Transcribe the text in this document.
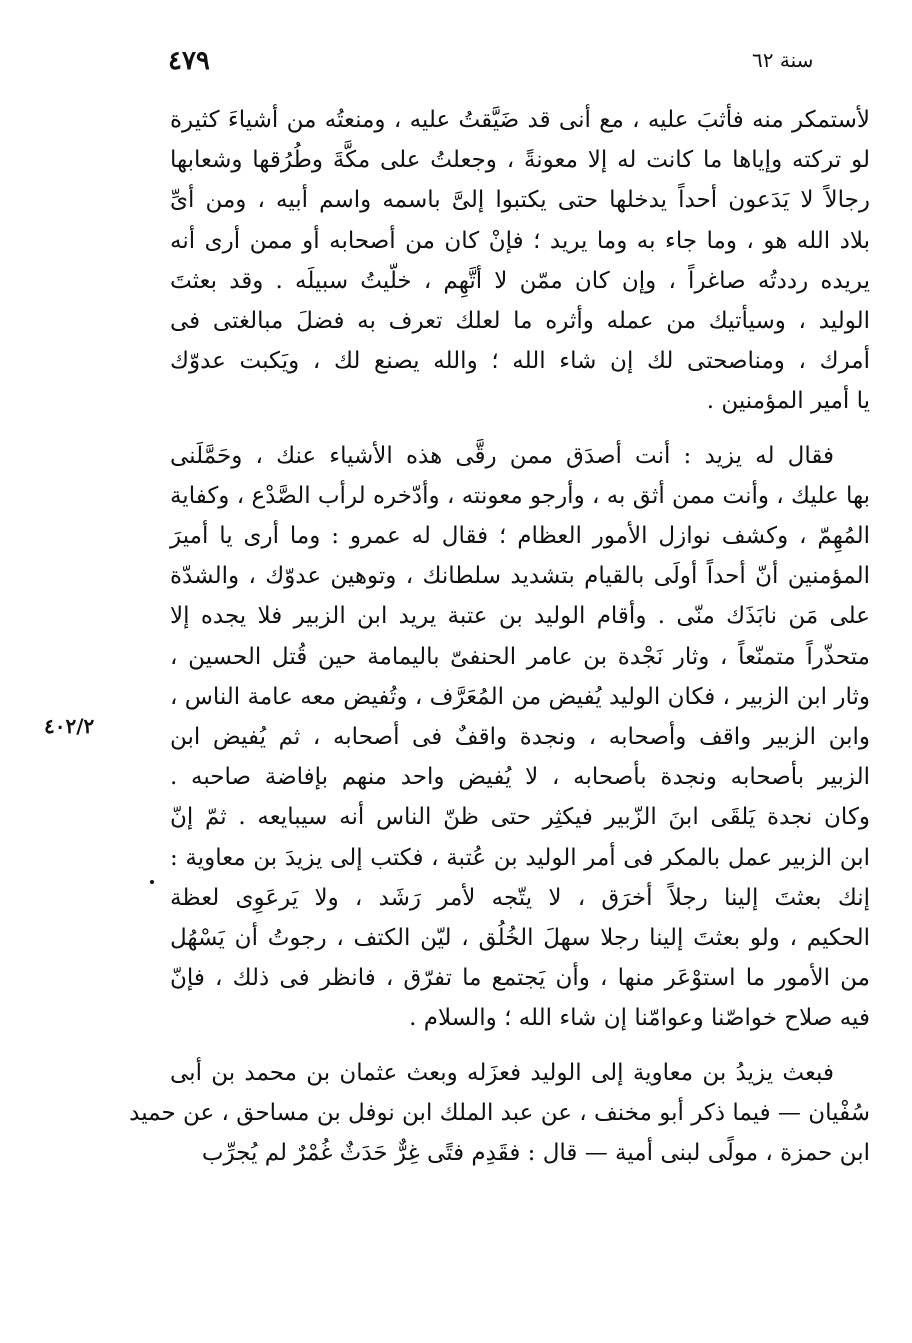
٤٧٩	سنة ٦٢
٤٠٢/٢

لأستمكر منه فأثبَ عليه ، مع أنى قد ضَيَّقتُ عليه ، ومنعتُه من أشياءَ كثيرة
لو تركته وإياها ما كانت له إلا معونةً ، وجعلتُ على مكَّةَ وطُرُقها وشعابها
رجالاً لا يَدَعون أحداً يدخلها حتى يكتبوا إلىَّ باسمه واسم أبيه ، ومن أىِّ
بلاد الله هو ، وما جاء به وما يريد ؛ فإنْ كان من أصحابه أو ممن أرى أنه
يريده رددتُه صاغراً ، وإن كان ممّن لا أتَّهِم ، خلّيتُ سبيلَه . وقد بعثتَ
الوليد ، وسيأتيك من عمله وأثره ما لعلك تعرف به فضلَ مبالغتى فى
أمرك ، ومناصحتى لك إن شاء الله ؛ والله يصنع لك ، ويَكبت عدوّك
يا أمير المؤمنين .

فقال له يزيد : أنت أصدَق ممن رقَّى هذه الأشياء عنك ، وحَمَّلَنى
بها عليك ، وأنت ممن أثق به ، وأرجو معونته ، وأدّخره لرأب الصَّدْع ، وكفاية
المُهِمّ ، وكشف نوازل الأمور العظام ؛ فقال له عمرو : وما أرى يا أميرَ
المؤمنين أنّ أحداً أولَى بالقيام بتشديد سلطانك ، وتوهين عدوّك ، والشدّة
على مَن نابَذَك منّى . وأقام الوليد بن عتبة يريد ابن الزبير فلا يجده إلا
متحذّراً متمنّعاً ، وثار نَجْدة بن عامر الحنفىّ باليمامة حين قُتل الحسين ،
وثار ابن الزبير ، فكان الوليد يُفيض من المُعَرَّف ، وتُفيض معه عامة الناس ،
وابن الزبير واقف وأصحابه ، ونجدة واقفٌ فى أصحابه ، ثم يُفيض ابن
الزبير بأصحابه ونجدة بأصحابه ، لا يُفيض واحد منهم بإفاضة صاحبه .
وكان نجدة يَلقَى ابنَ الزّبير فيكثِر حتى ظنّ الناس أنه سيبايعه . ثمّ إنّ
ابن الزبير عمل بالمكر فى أمر الوليد بن عُتبة ، فكتب إلى يزيدَ بن معاوية :
إنك بعثتَ إلينا رجلاً أخرَق ، لا يتّجه لأمر رَشَد ، ولا يَرعَوِى لعظة
الحكيم ، ولو بعثتَ إلينا رجلا سهلَ الخُلُق ، ليّن الكتف ، رجوتُ أن يَسْهُل
من الأمور ما استوْعَر منها ، وأن يَجتمع ما تفرّق ، فانظر فى ذلك ، فإنّ
فيه صلاح خواصّنا وعوامّنا إن شاء الله ؛ والسلام .

فبعث يزيدُ بن معاوية إلى الوليد فعزَله وبعث عثمان بن محمد بن أبى
سُفْيان — فيما ذكر أبو مخنف ، عن عبد الملك ابن نوفل بن مساحق ، عن حميد
ابن حمزة ، مولًى لبنى أمية — قال : فقَدِم فتًى غِرٌّ حَدَثٌ غُمْرٌ لم يُجرِّب
